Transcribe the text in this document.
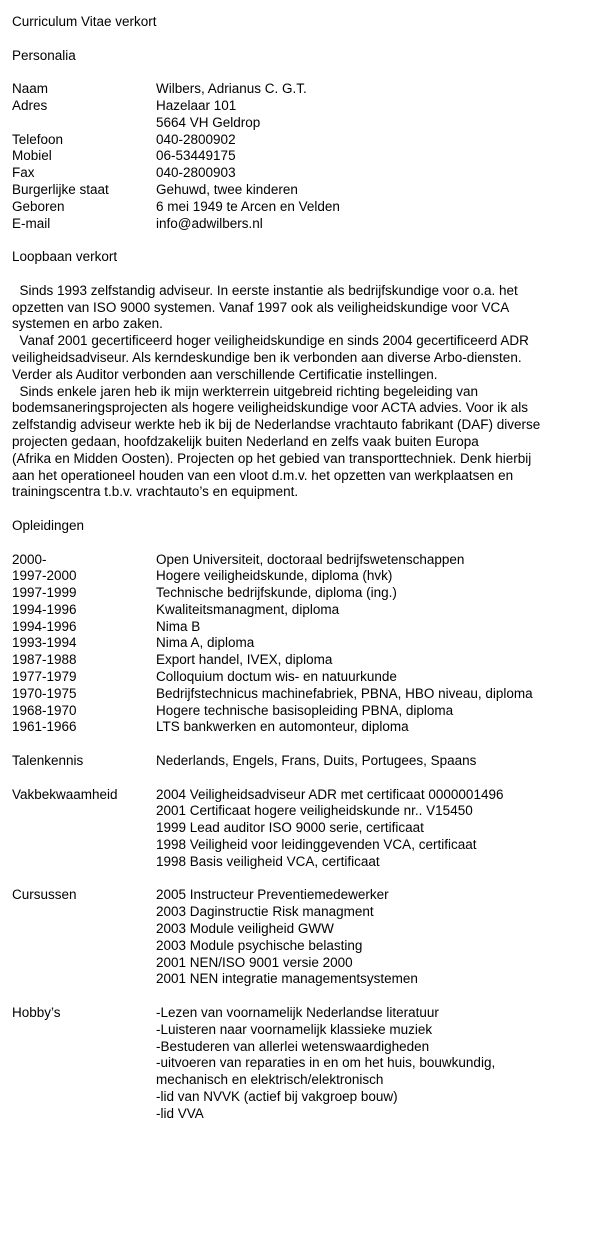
Curriculum Vitae verkort
Personalia
Naam	Wilbers, Adrianus C. G.T.
Adres	Hazelaar 101
5664 VH Geldrop
Telefoon	040-2800902
Mobiel	06-53449175
Fax	040-2800903
Burgerlijke staat	Gehuwd, twee kinderen
Geboren	6 mei 1949 te Arcen en Velden
E-mail	info@adwilbers.nl
Loopbaan verkort
Sinds 1993 zelfstandig adviseur. In eerste instantie als bedrijfskundige voor o.a. het
opzetten van ISO 9000 systemen. Vanaf 1997 ook als veiligheidskundige voor VCA
systemen en arbo zaken.
Vanaf 2001 gecertificeerd hoger veiligheidskundige en sinds 2004 gecertificeerd ADR
veiligheidsadviseur. Als kerndeskundige ben ik verbonden aan diverse Arbo-diensten.
Verder als Auditor verbonden aan verschillende Certificatie instellingen.
Sinds enkele jaren heb ik mijn werkterrein uitgebreid richting begeleiding van
bodemsaneringsprojecten als hogere veiligheidskundige voor ACTA advies. Voor ik als
zelfstandig adviseur werkte heb ik bij de Nederlandse vrachtauto fabrikant (DAF) diverse
projecten gedaan, hoofdzakelijk buiten Nederland en zelfs vaak buiten Europa
(Afrika en Midden Oosten). Projecten op het gebied van transporttechniek. Denk hierbij
aan het operationeel houden van een vloot d.m.v. het opzetten van werkplaatsen en
trainingscentra t.b.v. vrachtauto’s en equipment.
Opleidingen
2000-	Open Universiteit, doctoraal bedrijfswetenschappen
1997-2000	Hogere veiligheidskunde, diploma (hvk)
1997-1999	Technische bedrijfskunde, diploma (ing.)
1994-1996	Kwaliteitsmanagment, diploma
1994-1996	Nima B
1993-1994	Nima A, diploma
1987-1988	Export handel, IVEX, diploma
1977-1979	Colloquium doctum wis- en natuurkunde
1970-1975	Bedrijfstechnicus machinefabriek, PBNA, HBO niveau, diploma
1968-1970	Hogere technische basisopleiding PBNA, diploma
1961-1966	LTS bankwerken en automonteur, diploma
Talenkennis	Nederlands, Engels, Frans, Duits, Portugees, Spaans
Vakbekwaamheid	2004 Veiligheidsadviseur ADR met certificaat 0000001496
2001 Certificaat hogere veiligheidskunde nr.. V15450
1999 Lead auditor ISO 9000 serie, certificaat
1998 Veiligheid voor leidinggevenden VCA, certificaat
1998 Basis veiligheid VCA, certificaat
Cursussen	2005 Instructeur Preventiemedewerker
2003 Daginstructie Risk managment
2003 Module veiligheid GWW
2003 Module psychische belasting
2001 NEN/ISO 9001 versie 2000
2001 NEN integratie managementsystemen
Hobby’s	-Lezen van voornamelijk Nederlandse literatuur
-Luisteren naar voornamelijk klassieke muziek
-Bestuderen van allerlei wetenswaardigheden
-uitvoeren van reparaties in en om het huis, bouwkundig,
mechanisch en elektrisch/elektronisch
-lid van NVVK (actief bij vakgroep bouw)
-lid VVA
